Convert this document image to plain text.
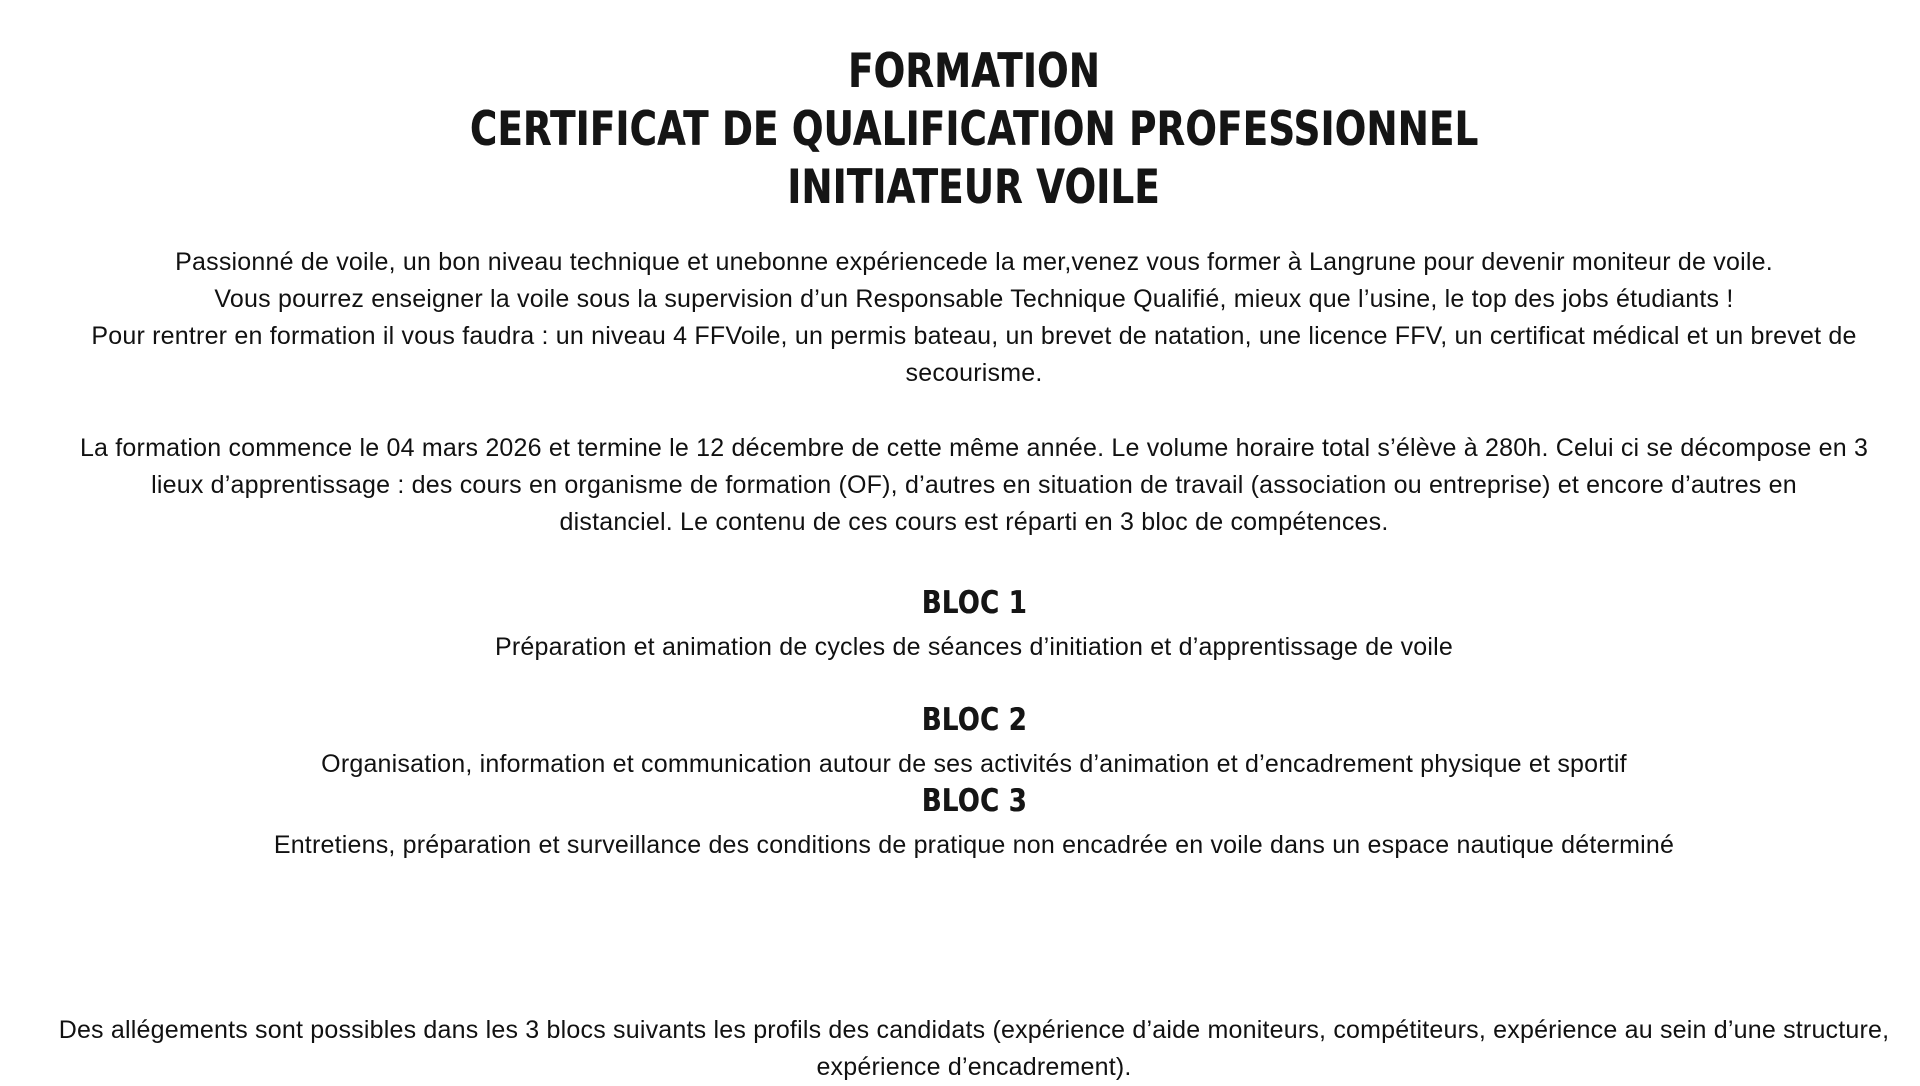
FORMATION
CERTIFICAT DE QUALIFICATION PROFESSIONNEL
INITIATEUR VOILE
Passionné de voile, un bon niveau technique et unebonne expériencede la mer,venez vous former à Langrune pour devenir moniteur de voile.
Vous pourrez enseigner la voile sous la supervision d’un Responsable Technique Qualifié, mieux que l’usine, le top des jobs étudiants !
Pour rentrer en formation il vous faudra : un niveau 4 FFVoile, un permis bateau, un brevet de natation, une licence FFV, un certificat médical et un brevet de
secourisme.
La formation commence le 04 mars 2026 et termine le 12 décembre de cette même année. Le volume horaire total s’élève à 280h. Celui ci se décompose en 3
lieux d’apprentissage : des cours en organisme de formation (OF), d’autres en situation de travail (association ou entreprise) et encore d’autres en
distanciel. Le contenu de ces cours est réparti en 3 bloc de compétences.
BLOC 1
Préparation et animation de cycles de séances d’initiation et d’apprentissage de voile
BLOC 2
Organisation, information et communication autour de ses activités d’animation et d’encadrement physique et sportif
BLOC 3
Entretiens, préparation et surveillance des conditions de pratique non encadrée en voile dans un espace nautique déterminé
Des allégements sont possibles dans les 3 blocs suivants les profils des candidats (expérience d’aide moniteurs, compétiteurs, expérience au sein d’une structure,
expérience d’encadrement).
